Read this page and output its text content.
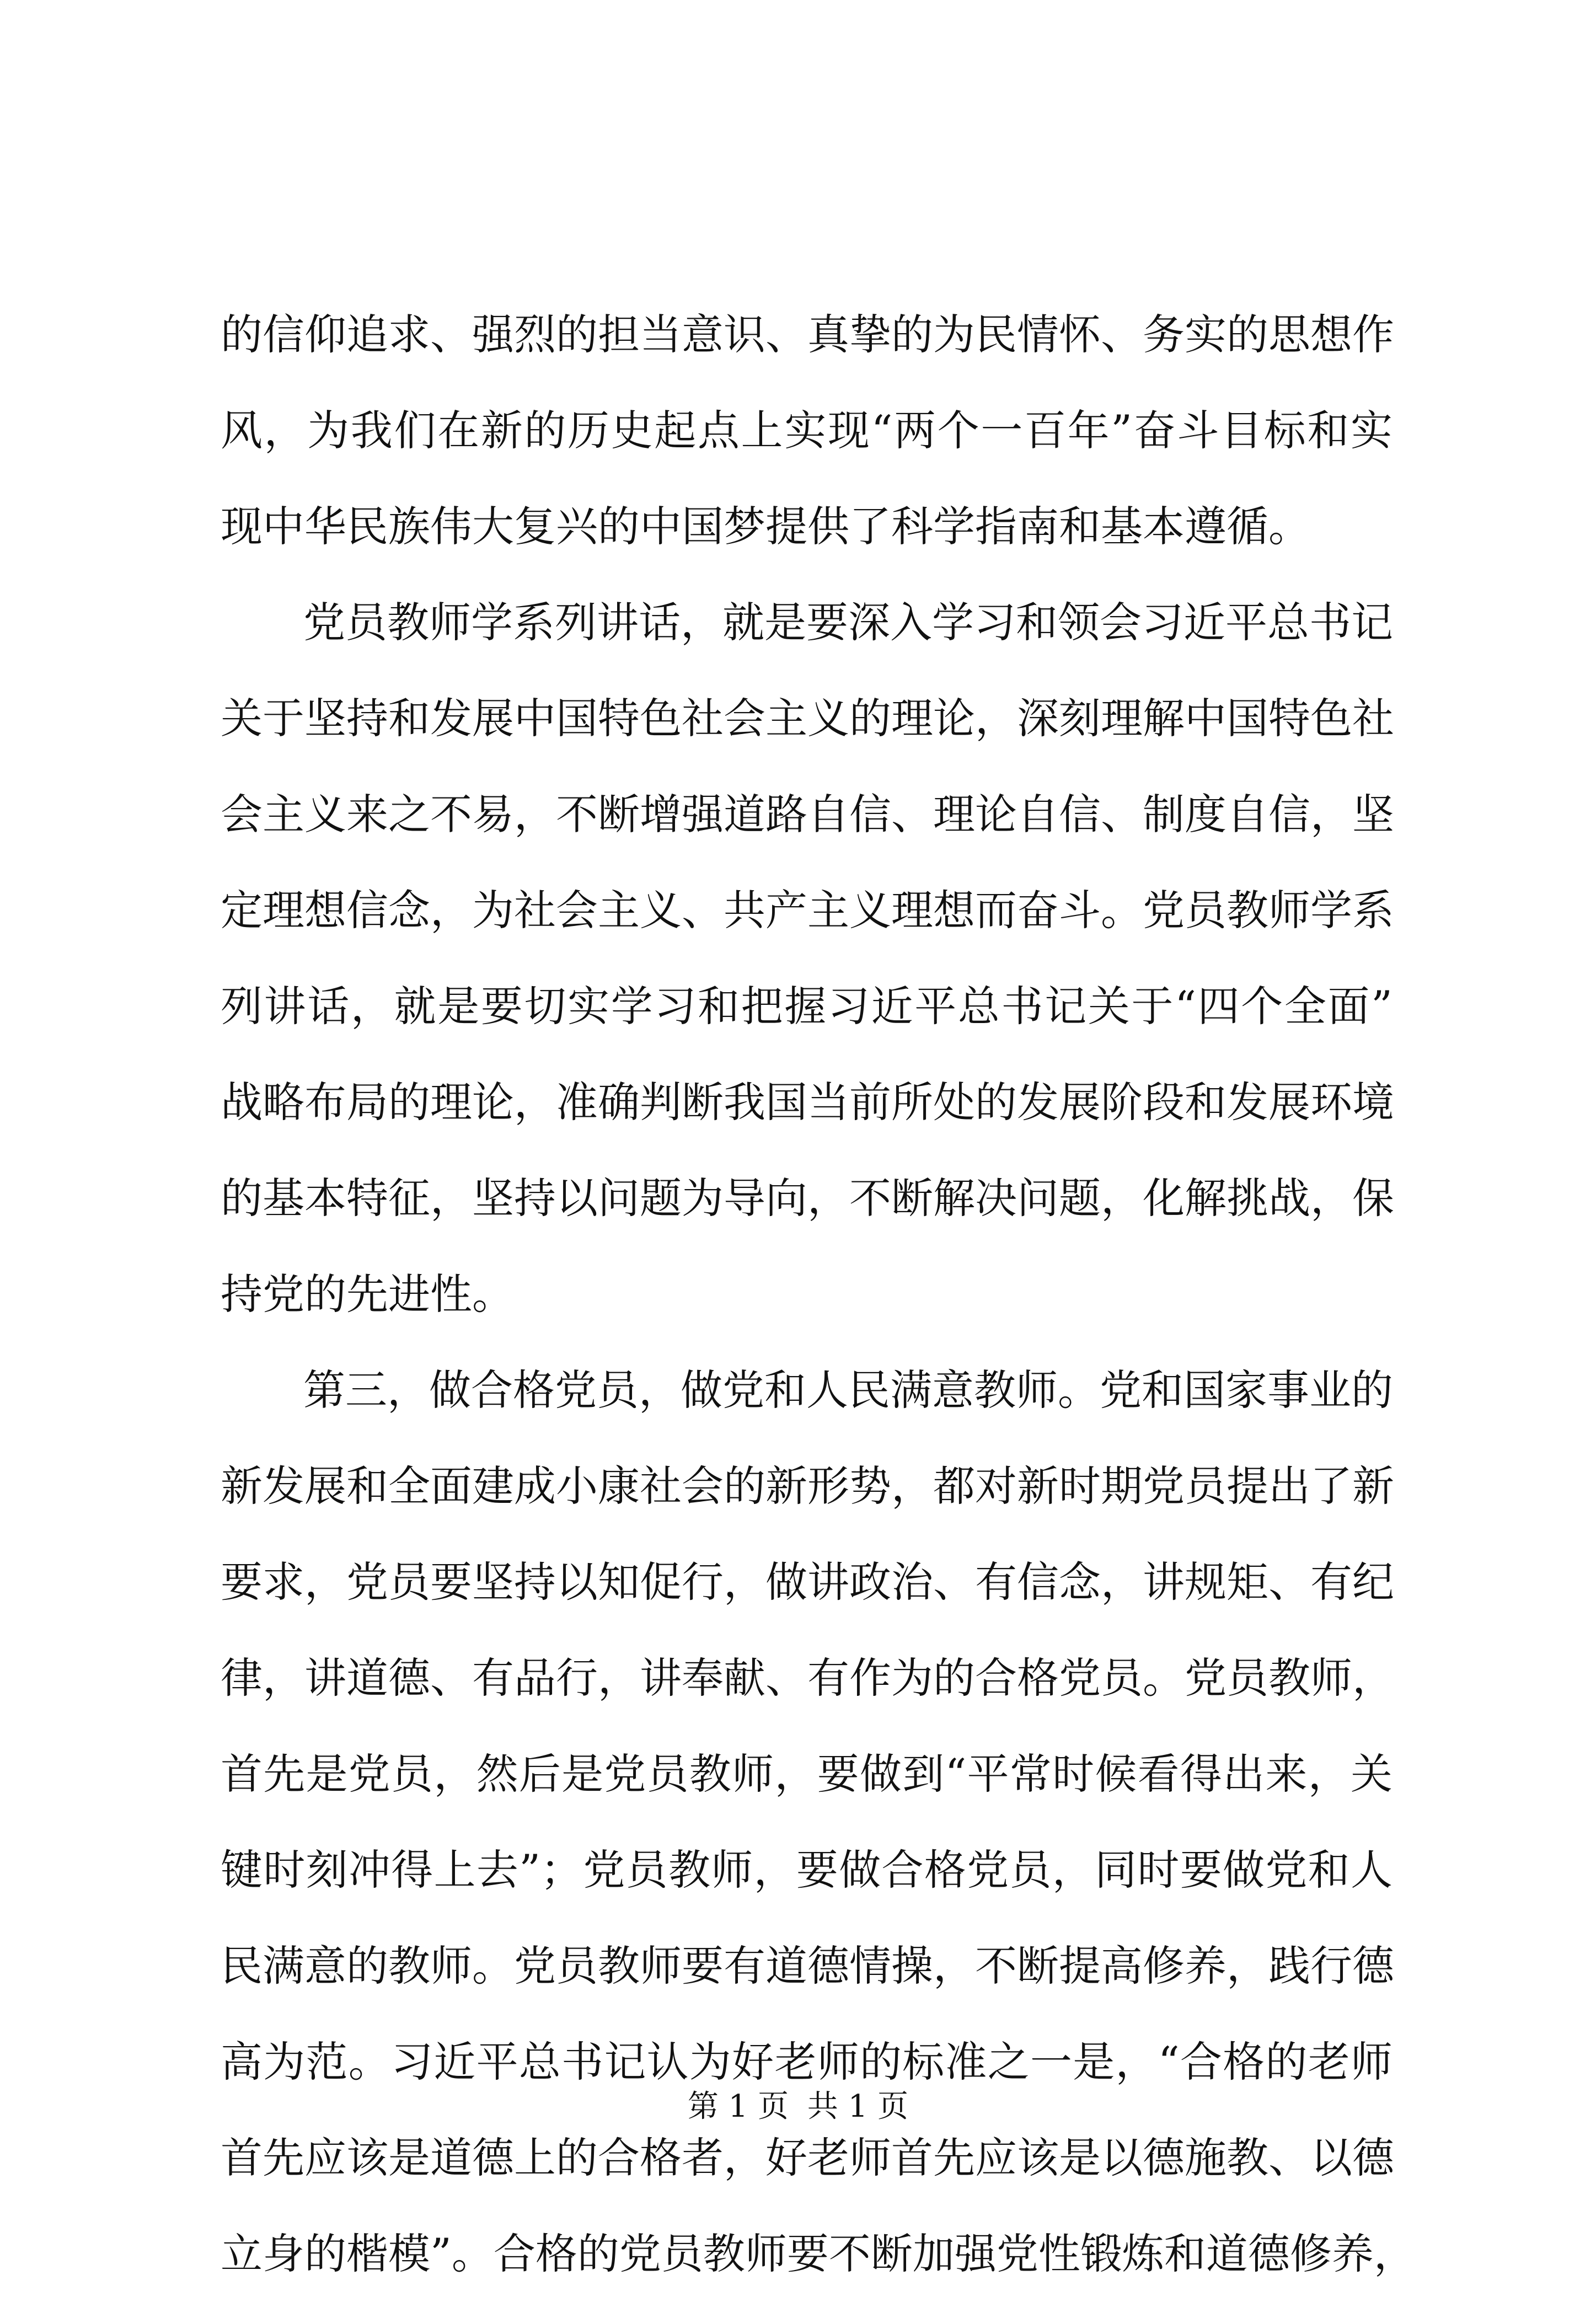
的信仰追求、强烈的担当意识、真挚的为民情怀、务实的思想作
风，为我们在新的历史起点上实现“两个一百年”奋斗目标和实
现中华民族伟大复兴的中国梦提供了科学指南和基本遵循。
党员教师学系列讲话，就是要深入学习和领会习近平总书记
关于坚持和发展中国特色社会主义的理论，深刻理解中国特色社
会主义来之不易，不断增强道路自信、理论自信、制度自信，坚
定理想信念，为社会主义、共产主义理想而奋斗。党员教师学系
列讲话，就是要切实学习和把握习近平总书记关于“四个全面”
战略布局的理论，准确判断我国当前所处的发展阶段和发展环境
的基本特征，坚持以问题为导向，不断解决问题，化解挑战，保
持党的先进性。
第三，做合格党员，做党和人民满意教师。党和国家事业的
新发展和全面建成小康社会的新形势，都对新时期党员提出了新
要求，党员要坚持以知促行，做讲政治、有信念，讲规矩、有纪
律，讲道德、有品行，讲奉献、有作为的合格党员。党员教师，
首先是党员，然后是党员教师，要做到“平常时候看得出来，关
键时刻冲得上去”；党员教师，要做合格党员，同时要做党和人
民满意的教师。党员教师要有道德情操，不断提高修养，践行德
高为范。习近平总书记认为好老师的标准之一是，“合格的老师
首先应该是道德上的合格者，好老师首先应该是以德施教、以德
立身的楷模”。合格的党员教师要不断加强党性锻炼和道德修养，
第 1 页 共 1 页
